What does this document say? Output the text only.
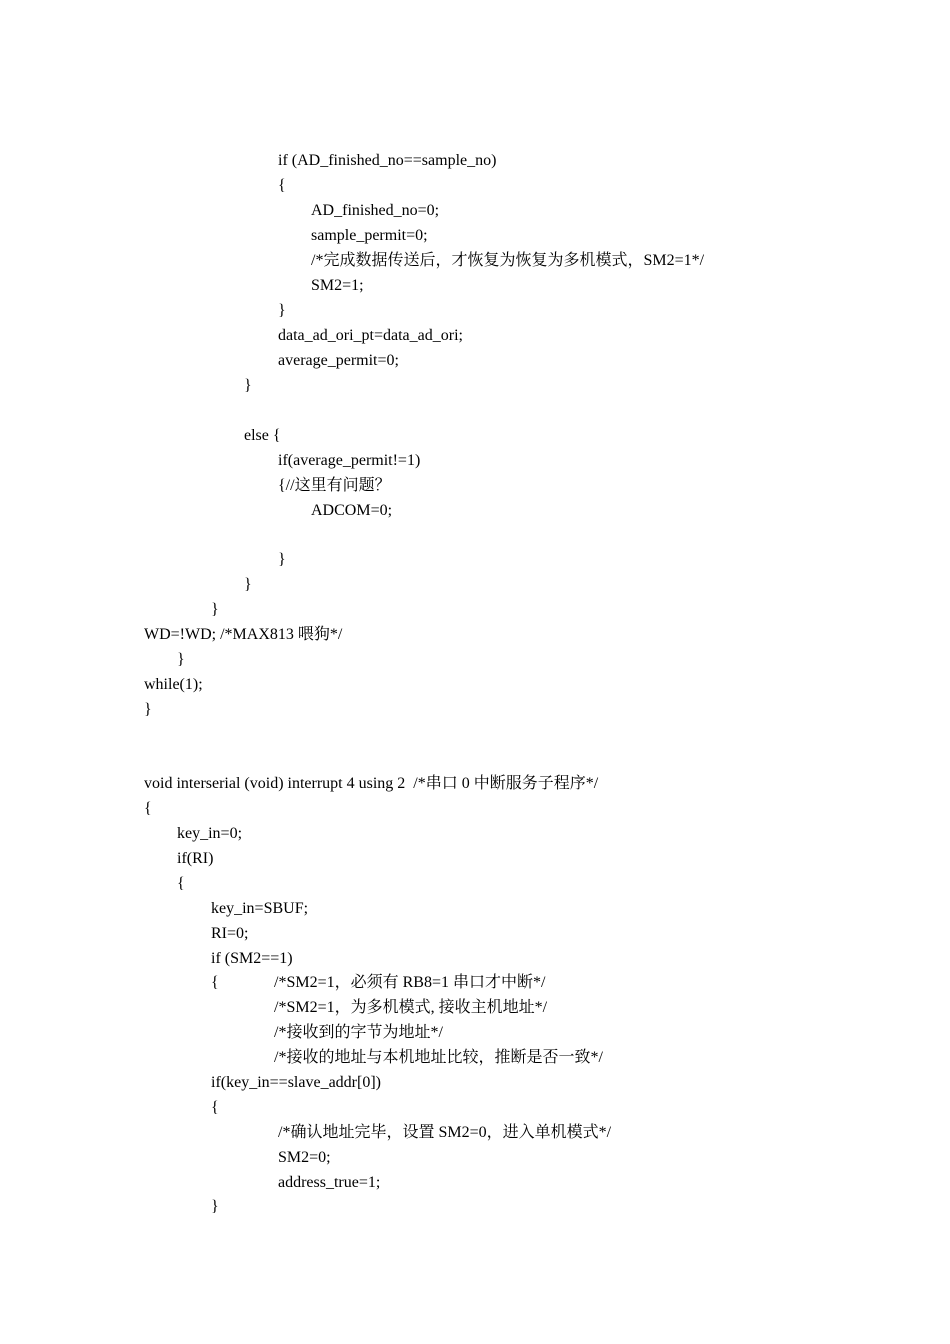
if (AD_finished_no==sample_no)
{
AD_finished_no=0;
sample_permit=0;
/*完成数据传送后，才恢复为恢复为多机模式，SM2=1*/
SM2=1;
}
data_ad_ori_pt=data_ad_ori;
average_permit=0;
}
else {
if(average_permit!=1)
{//这里有问题？
ADCOM=0;
}
}
}
WD=!WD; /*MAX813 喂狗*/
}
while(1);
}
void interserial (void) interrupt 4 using 2  /*串口 0 中断服务子程序*/
{
key_in=0;
if(RI)
{
key_in=SBUF;
RI=0;
if (SM2==1)
{	/*SM2=1，必须有 RB8=1 串口才中断*/
/*SM2=1，为多机模式, 接收主机地址*/
/*接收到的字节为地址*/
/*接收的地址与本机地址比较，推断是否一致*/
if(key_in==slave_addr[0])
{
/*确认地址完毕，设置 SM2=0，进入单机模式*/
SM2=0;
address_true=1;
}
